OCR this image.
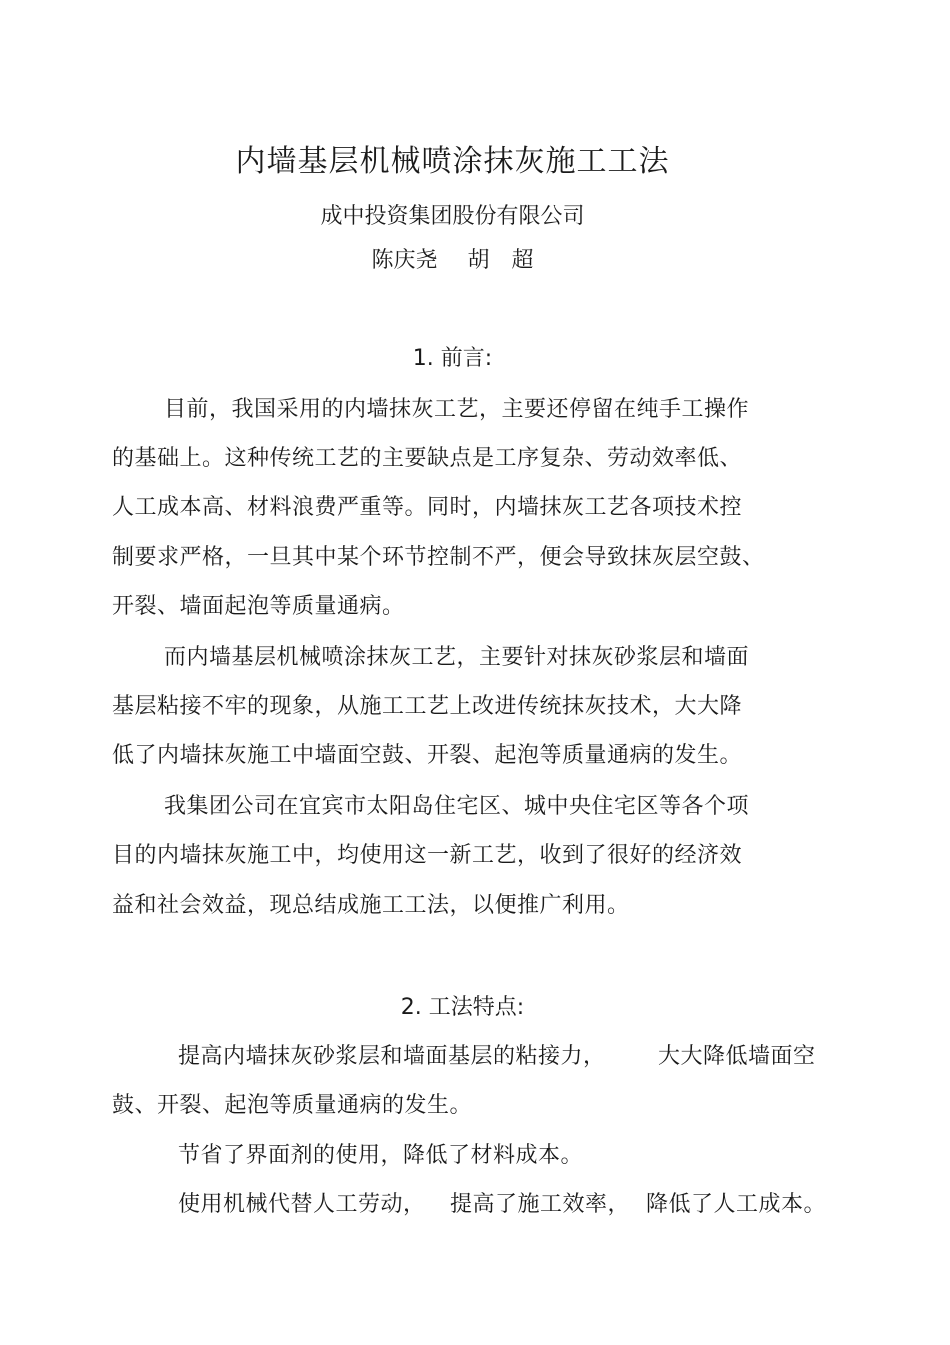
内墙基层机械喷涂抹灰施工工法
成中投资集团股份有限公司
陈庆尧 胡　超
1. 前言:
目前，我国采用的内墙抹灰工艺，主要还停留在纯手工操作
的基础上。这种传统工艺的主要缺点是工序复杂、劳动效率低、
人工成本高、材料浪费严重等。同时，内墙抹灰工艺各项技术控
制要求严格，一旦其中某个环节控制不严，便会导致抹灰层空鼓、
开裂、墙面起泡等质量通病。
而内墙基层机械喷涂抹灰工艺，主要针对抹灰砂浆层和墙面
基层粘接不牢的现象，从施工工艺上改进传统抹灰技术，大大降
低了内墙抹灰施工中墙面空鼓、开裂、起泡等质量通病的发生。
我集团公司在宜宾市太阳岛住宅区、城中央住宅区等各个项
目的内墙抹灰施工中，均使用这一新工艺，收到了很好的经济效
益和社会效益，现总结成施工工法，以便推广利用。
2. 工法特点:
提高内墙抹灰砂浆层和墙面基层的粘接力， 大大降低墙面空
鼓、开裂、起泡等质量通病的发生。
节省了界面剂的使用，降低了材料成本。
使用机械代替人工劳动， 提高了施工效率， 降低了人工成本。
